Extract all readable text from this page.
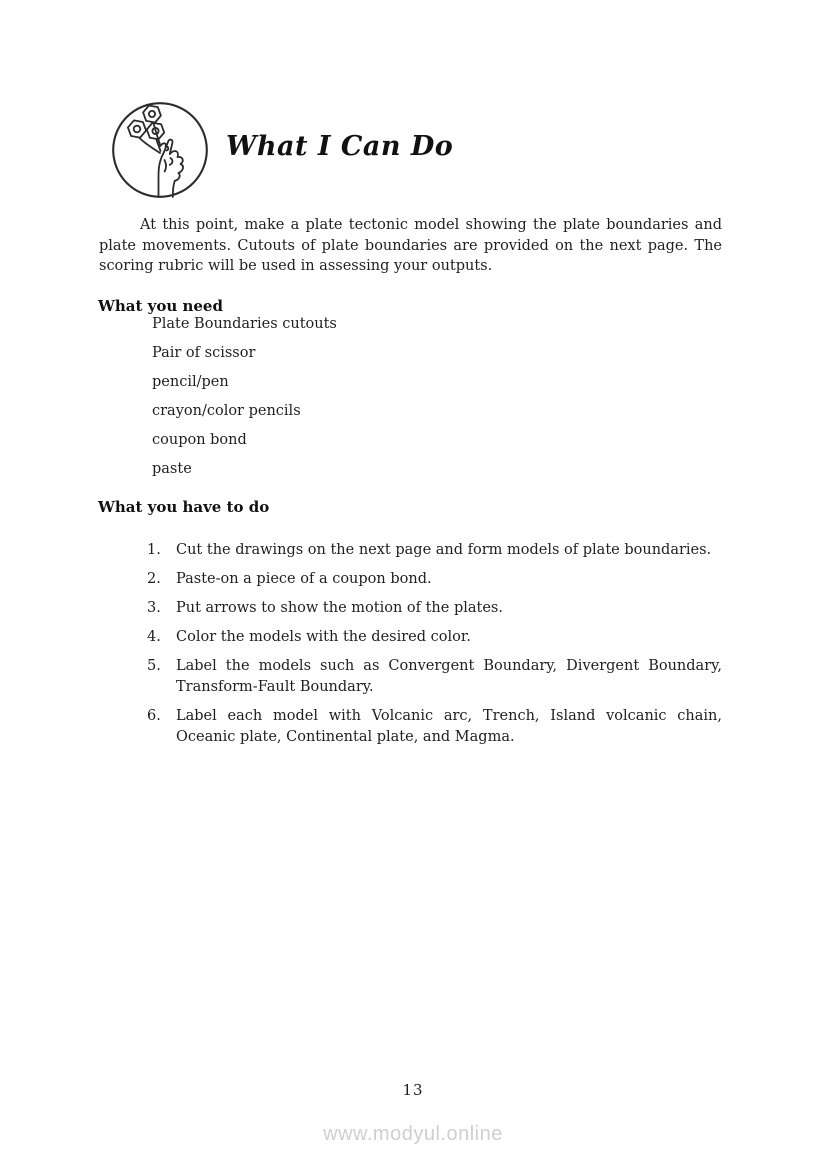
What I Can Do

At this point, make a plate tectonic model showing the plate boundaries and plate movements. Cutouts of plate boundaries are provided on the next page. The scoring rubric will be used in assessing your outputs.

What you need
Plate Boundaries cutouts
Pair of scissor
pencil/pen
crayon/color pencils
coupon bond
paste
What you have to do
1.	Cut the drawings on the next page and form models of plate boundaries.
2.	Paste-on a piece of a coupon bond.
3.	Put arrows to show the motion of the plates.
4.	Color the models with the desired color.
5.	Label the models such as Convergent Boundary, Divergent Boundary, Transform-Fault Boundary.
6.	Label each model with Volcanic arc, Trench, Island volcanic chain, Oceanic plate, Continental plate, and Magma.
13
www.modyul.online
